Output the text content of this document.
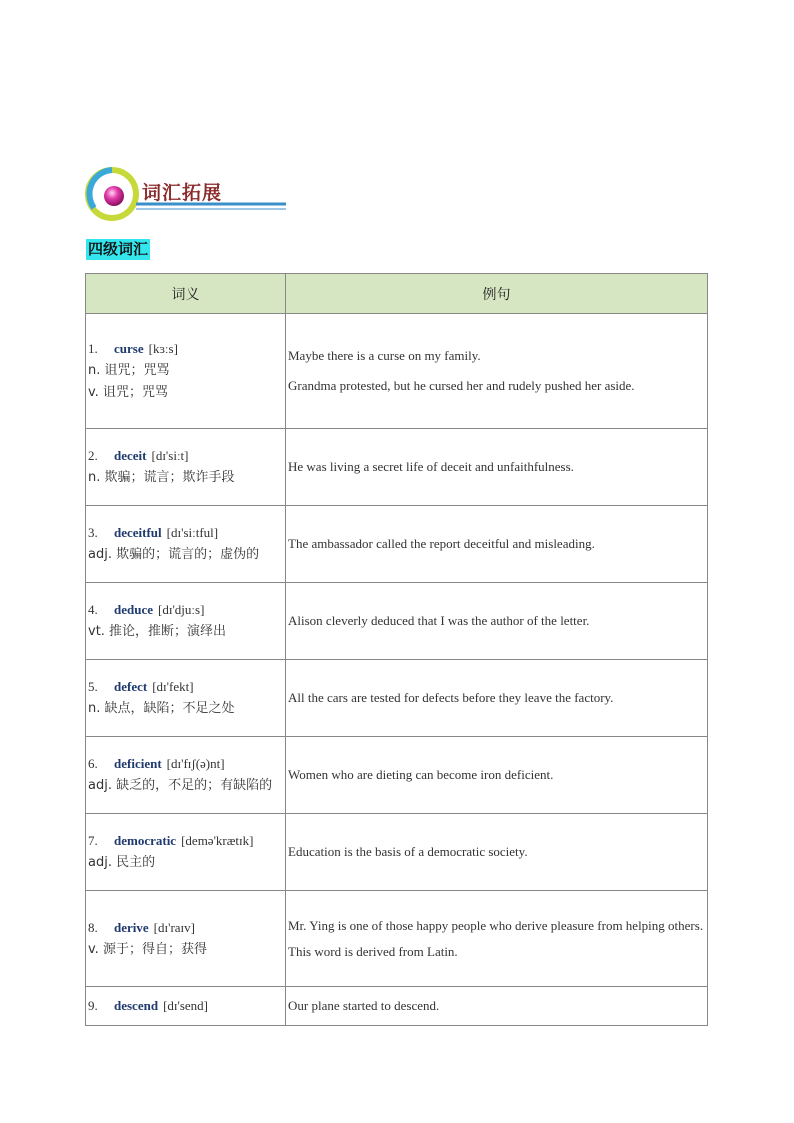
词汇拓展
四级词汇
词义	例句

1. curse [kɜːs]
n. 诅咒；咒骂
v. 诅咒；咒骂	Maybe there is a curse on my family.
Grandma protested, but he cursed her and rudely pushed her aside.

2. deceit [dɪ'siːt]
n. 欺骗；谎言；欺诈手段	He was living a secret life of deceit and unfaithfulness.

3. deceitful [dɪ'siːtful]
adj. 欺骗的；谎言的；虚伪的	The ambassador called the report deceitful and misleading.

4. deduce [dɪ'djuːs]
vt. 推论，推断；演绎出	Alison cleverly deduced that I was the author of the letter.

5. defect [dɪ'fekt]
n. 缺点，缺陷；不足之处	All the cars are tested for defects before they leave the factory.

6. deficient [dɪ'fɪʃ(ə)nt]
adj. 缺乏的，不足的；有缺陷的	Women who are dieting can become iron deficient.

7. democratic [demə'krætɪk]
adj. 民主的	Education is the basis of a democratic society.

8. derive [dɪ'raɪv]
v. 源于；得自；获得	Mr. Ying is one of those happy people who derive pleasure from helping others.
This word is derived from Latin.

9. descend [dɪ'send]	Our plane started to descend.
